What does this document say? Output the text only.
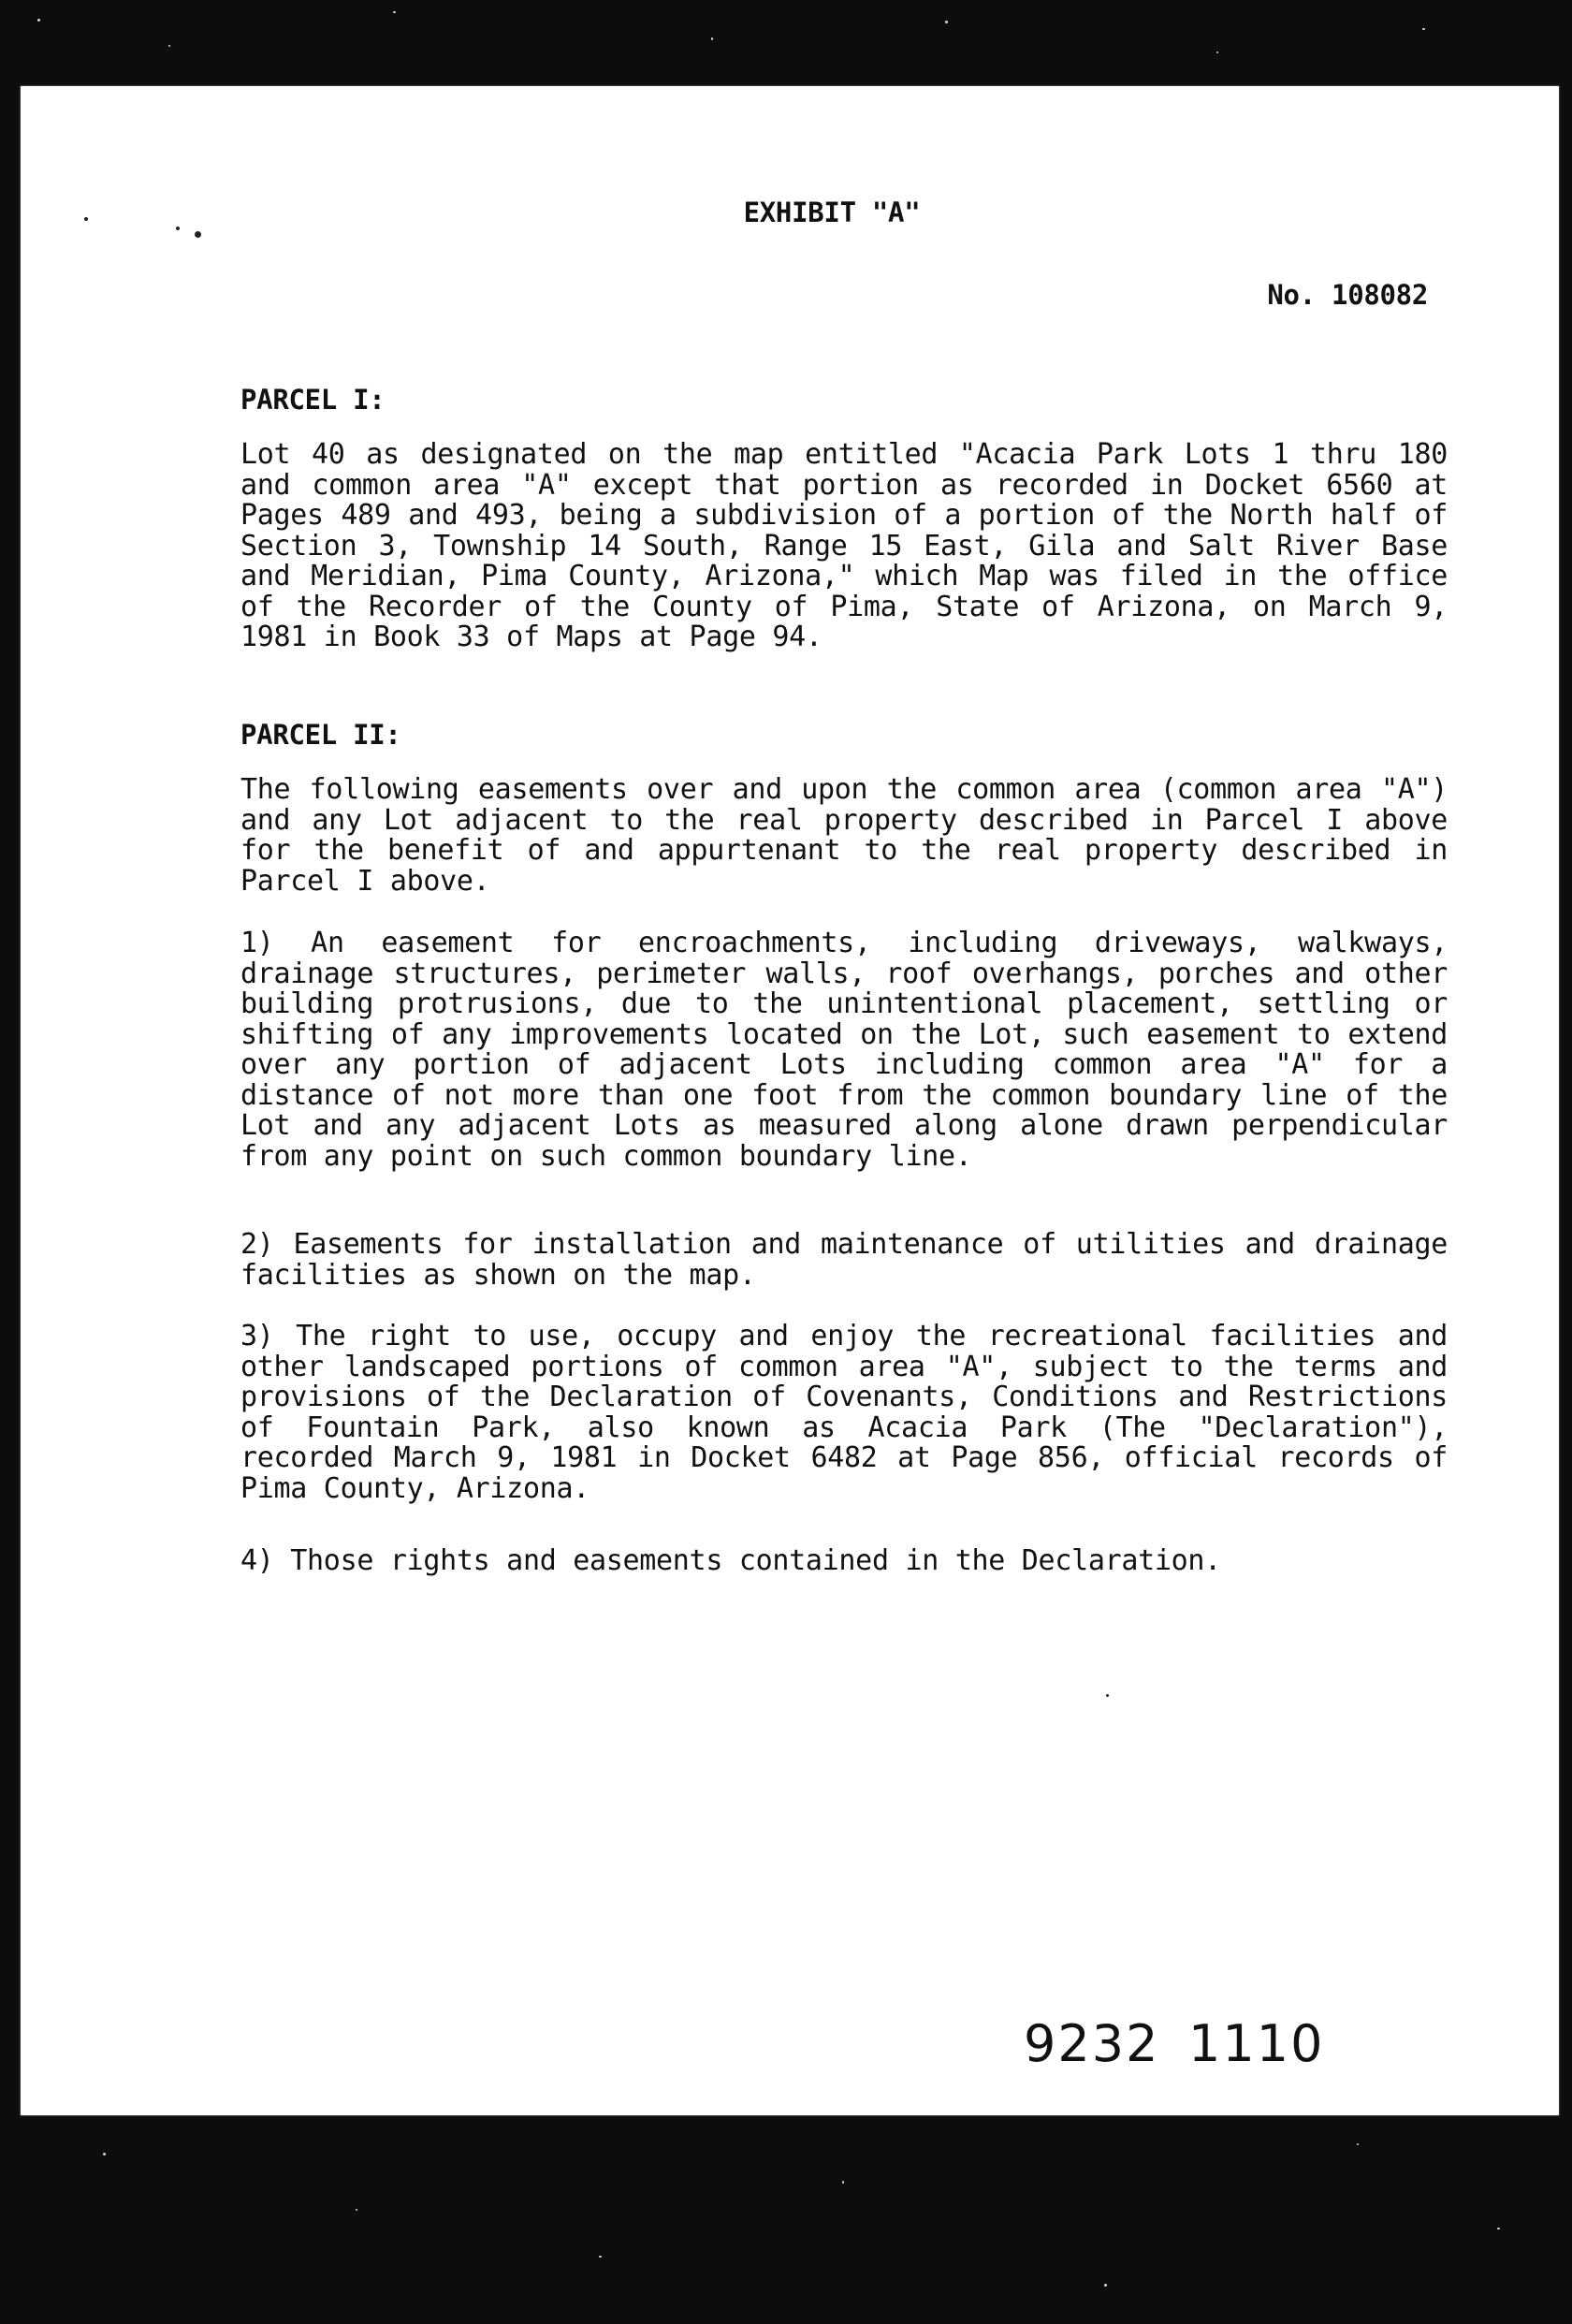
EXHIBIT "A"
No. 108082
PARCEL I:
Lot 40 as designated on the map entitled "Acacia Park Lots 1 thru 180 and common area "A" except that portion as recorded in Docket 6560 at Pages 489 and 493, being a subdivision of a portion of the North half of Section 3, Township 14 South, Range 15 East, Gila and Salt River Base and Meridian, Pima County, Arizona," which Map was filed in the office of the Recorder of the County of Pima, State of Arizona, on March 9, 1981 in Book 33 of Maps at Page 94.
PARCEL II:
The following easements over and upon the common area (common area "A") and any Lot adjacent to the real property described in Parcel I above for the benefit of and appurtenant to the real property described in Parcel I above.
1) An easement for encroachments, including driveways, walkways, drainage structures, perimeter walls, roof overhangs, porches and other building protrusions, due to the unintentional placement, settling or shifting of any improvements located on the Lot, such easement to extend over any portion of adjacent Lots including common area "A" for a distance of not more than one foot from the common boundary line of the Lot and any adjacent Lots as measured along alone drawn perpendicular from any point on such common boundary line.
2) Easements for installation and maintenance of utilities and drainage facilities as shown on the map.
3) The right to use, occupy and enjoy the recreational facilities and other landscaped portions of common area "A", subject to the terms and provisions of the Declaration of Covenants, Conditions and Restrictions of Fountain Park, also known as Acacia Park (The "Declaration"), recorded March 9, 1981 in Docket 6482 at Page 856, official records of Pima County, Arizona.
4) Those rights and easements contained in the Declaration.
9232 1110
